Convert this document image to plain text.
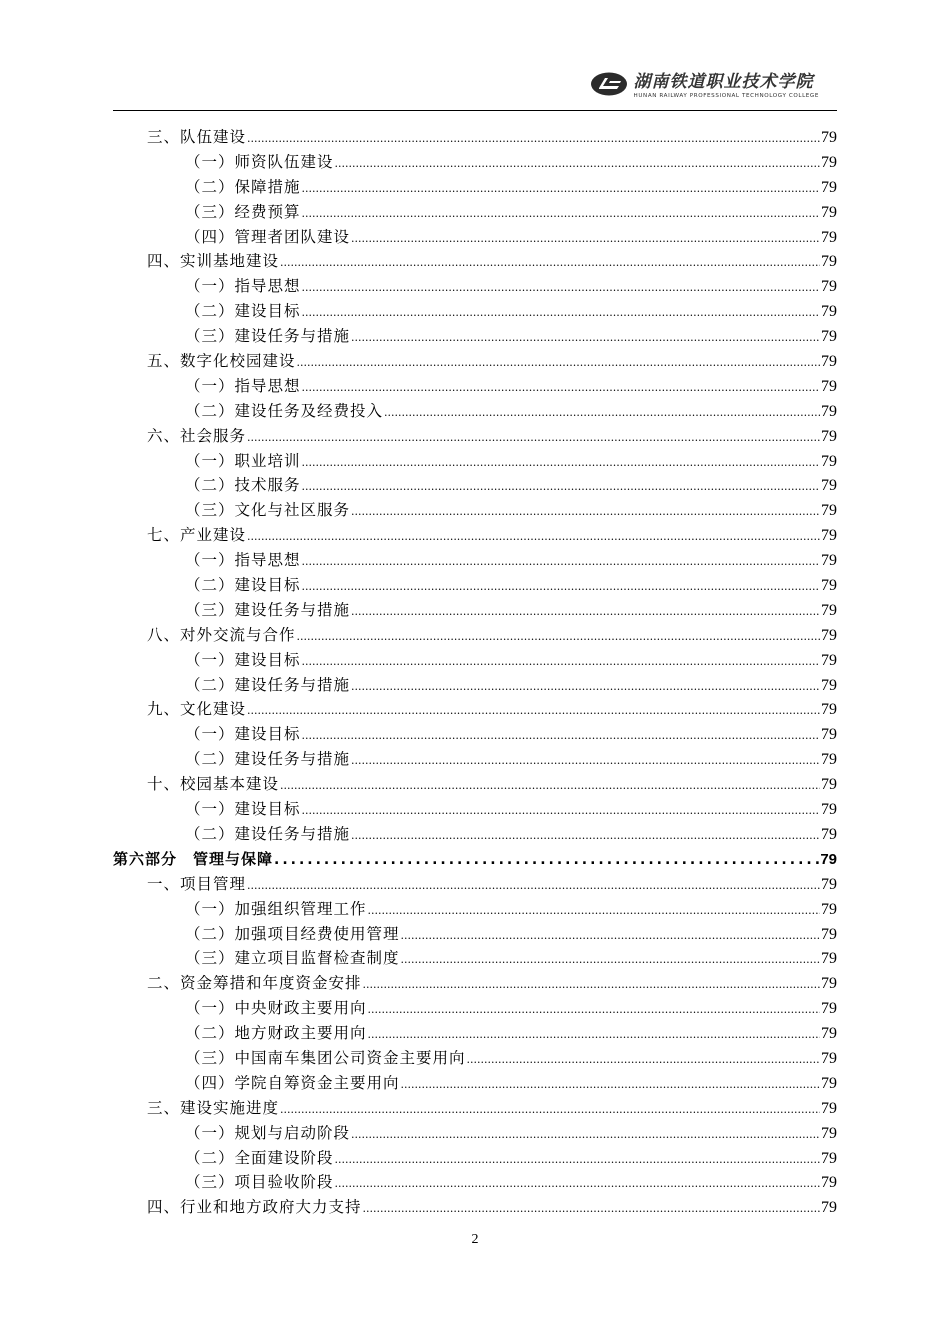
湖南铁道职业技术学院
HUNAN RAILWAY PROFESSIONAL TECHNOLOGY COLLEGE
三、队伍建设 .....	79
（一）师资队伍建设 .....	79
（二）保障措施 .....	79
（三）经费预算 .....	79
（四）管理者团队建设 .....	79
四、实训基地建设 .....	79
（一）指导思想 .....	79
（二）建设目标 .....	79
（三）建设任务与措施 .....	79
五、数字化校园建设 .....	79
（一）指导思想 .....	79
（二）建设任务及经费投入 .....	79
六、社会服务 .....	79
（一）职业培训 .....	79
（二）技术服务 .....	79
（三）文化与社区服务 .....	79
七、产业建设 .....	79
（一）指导思想 .....	79
（二）建设目标 .....	79
（三）建设任务与措施 .....	79
八、对外交流与合作 .....	79
（一）建设目标 .....	79
（二）建设任务与措施 .....	79
九、文化建设 .....	79
（一）建设目标 .....	79
（二）建设任务与措施 .....	79
十、校园基本建设 .....	79
（一）建设目标 .....	79
（二）建设任务与措施 .....	79
第六部分　管理与保障 .....	79
一、项目管理 .....	79
（一）加强组织管理工作 .....	79
（二）加强项目经费使用管理 .....	79
（三）建立项目监督检查制度 .....	79
二、资金筹措和年度资金安排 .....	79
（一）中央财政主要用向 .....	79
（二）地方财政主要用向 .....	79
（三）中国南车集团公司资金主要用向 .....	79
（四）学院自筹资金主要用向 .....	79
三、建设实施进度 .....	79
（一）规划与启动阶段 .....	79
（二）全面建设阶段 .....	79
（三）项目验收阶段 .....	79
四、行业和地方政府大力支持 .....	79
2
